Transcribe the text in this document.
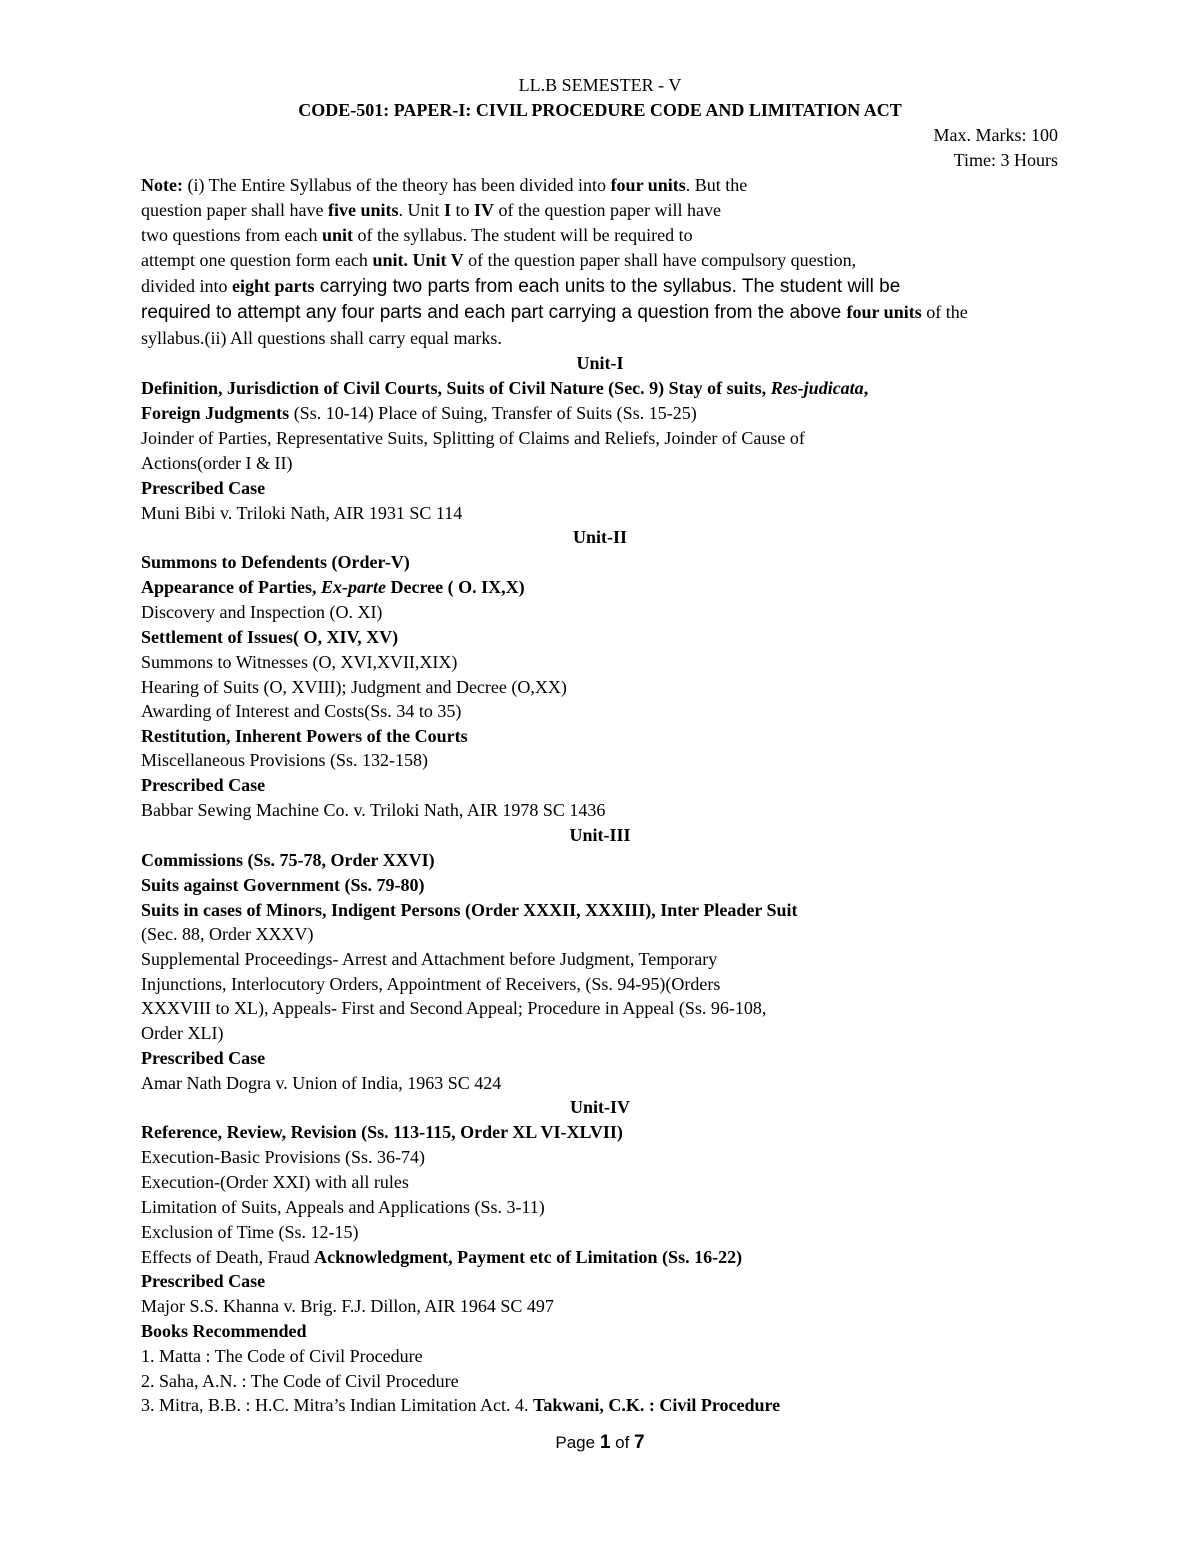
LL.B SEMESTER - V
CODE-501: PAPER-I: CIVIL PROCEDURE CODE AND LIMITATION ACT
Max. Marks: 100
Time: 3 Hours
Note: (i) The Entire Syllabus of the theory has been divided into four units. But the
question paper shall have five units. Unit I to IV of the question paper will have
two questions from each unit of the syllabus. The student will be required to
attempt one question form each unit. Unit V of the question paper shall have compulsory question,
divided into eight parts carrying two parts from each units to the syllabus. The student will be
required to attempt any four parts and each part carrying a question from the above four units of the
syllabus.(ii) All questions shall carry equal marks.
Unit-I
Definition, Jurisdiction of Civil Courts, Suits of Civil Nature (Sec. 9) Stay of suits, Res-judicata,
Foreign Judgments (Ss. 10-14) Place of Suing, Transfer of Suits (Ss. 15-25)
Joinder of Parties, Representative Suits, Splitting of Claims and Reliefs, Joinder of Cause of
Actions(order I & II)
Prescribed Case
Muni Bibi v. Triloki Nath, AIR 1931 SC 114
Unit-II
Summons to Defendents (Order-V)
Appearance of Parties, Ex-parte Decree ( O. IX,X)
Discovery and Inspection (O. XI)
Settlement of Issues( O, XIV, XV)
Summons to Witnesses (O, XVI,XVII,XIX)
Hearing of Suits (O, XVIII); Judgment and Decree (O,XX)
Awarding of Interest and Costs(Ss. 34 to 35)
Restitution, Inherent Powers of the Courts
Miscellaneous Provisions (Ss. 132-158)
Prescribed Case
Babbar Sewing Machine Co. v. Triloki Nath, AIR 1978 SC 1436
Unit-III
Commissions (Ss. 75-78, Order XXVI)
Suits against Government (Ss. 79-80)
Suits in cases of Minors, Indigent Persons (Order XXXII, XXXIII), Inter Pleader Suit
(Sec. 88, Order XXXV)
Supplemental Proceedings- Arrest and Attachment before Judgment, Temporary
Injunctions, Interlocutory Orders, Appointment of Receivers, (Ss. 94-95)(Orders
XXXVIII to XL), Appeals- First and Second Appeal; Procedure in Appeal (Ss. 96-108,
Order XLI)
Prescribed Case
Amar Nath Dogra v. Union of India, 1963 SC 424
Unit-IV
Reference, Review, Revision (Ss. 113-115, Order XL VI-XLVII)
Execution-Basic Provisions (Ss. 36-74)
Execution-(Order XXI) with all rules
Limitation of Suits, Appeals and Applications (Ss. 3-11)
Exclusion of Time (Ss. 12-15)
Effects of Death, Fraud Acknowledgment, Payment etc of Limitation (Ss. 16-22)
Prescribed Case
Major S.S. Khanna v. Brig. F.J. Dillon, AIR 1964 SC 497
Books Recommended
1. Matta : The Code of Civil Procedure
2. Saha, A.N. : The Code of Civil Procedure
3. Mitra, B.B. : H.C. Mitra’s Indian Limitation Act. 4. Takwani, C.K. : Civil Procedure
Page 1 of 7
